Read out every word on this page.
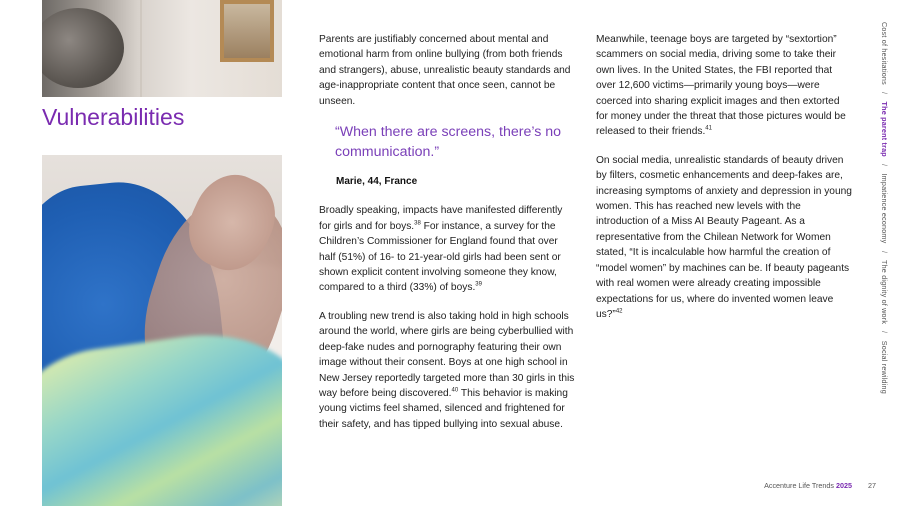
Vulnerabilities

Parents are justifiably concerned about mental and emotional harm from online bullying (from both friends and strangers), abuse, unrealistic beauty standards and age-inappropriate content that once seen, cannot be unseen.

“When there are screens, there’s no communication.”
Marie, 44, France

Broadly speaking, impacts have manifested differently for girls and for boys.$^{38}$ For instance, a survey for the Children’s Commissioner for England found that over half (51%) of 16- to 21-year-old girls had been sent or shown explicit content involving someone they know, compared to a third (33%) of boys.$^{39}$

A troubling new trend is also taking hold in high schools around the world, where girls are being cyberbullied with deep-fake nudes and pornography featuring their own image without their consent. Boys at one high school in New Jersey reportedly targeted more than 30 girls in this way before being discovered.$^{40}$ This behavior is making young victims feel shamed, silenced and frightened for their safety, and has tipped bullying into sexual abuse.

Meanwhile, teenage boys are targeted by “sextortion” scammers on social media, driving some to take their own lives. In the United States, the FBI reported that over 12,600 victims—primarily young boys—were coerced into sharing explicit images and then extorted for money under the threat that those pictures would be released to their friends.$^{41}$

On social media, unrealistic standards of beauty driven by filters, cosmetic enhancements and deep-fakes are, increasing symptoms of anxiety and depression in young women. This has reached new levels with the introduction of a Miss AI Beauty Pageant. As a representative from the Chilean Network for Women stated, “It is incalculable how harmful the creation of “model women” by machines can be. If beauty pageants with real women were already creating impossible expectations for us, where do invented women leave us?”$^{42}$

Cost of hesitations / The parent trap / Impatience economy / The dignity of work / Social rewilding
Accenture Life Trends 2025 27
